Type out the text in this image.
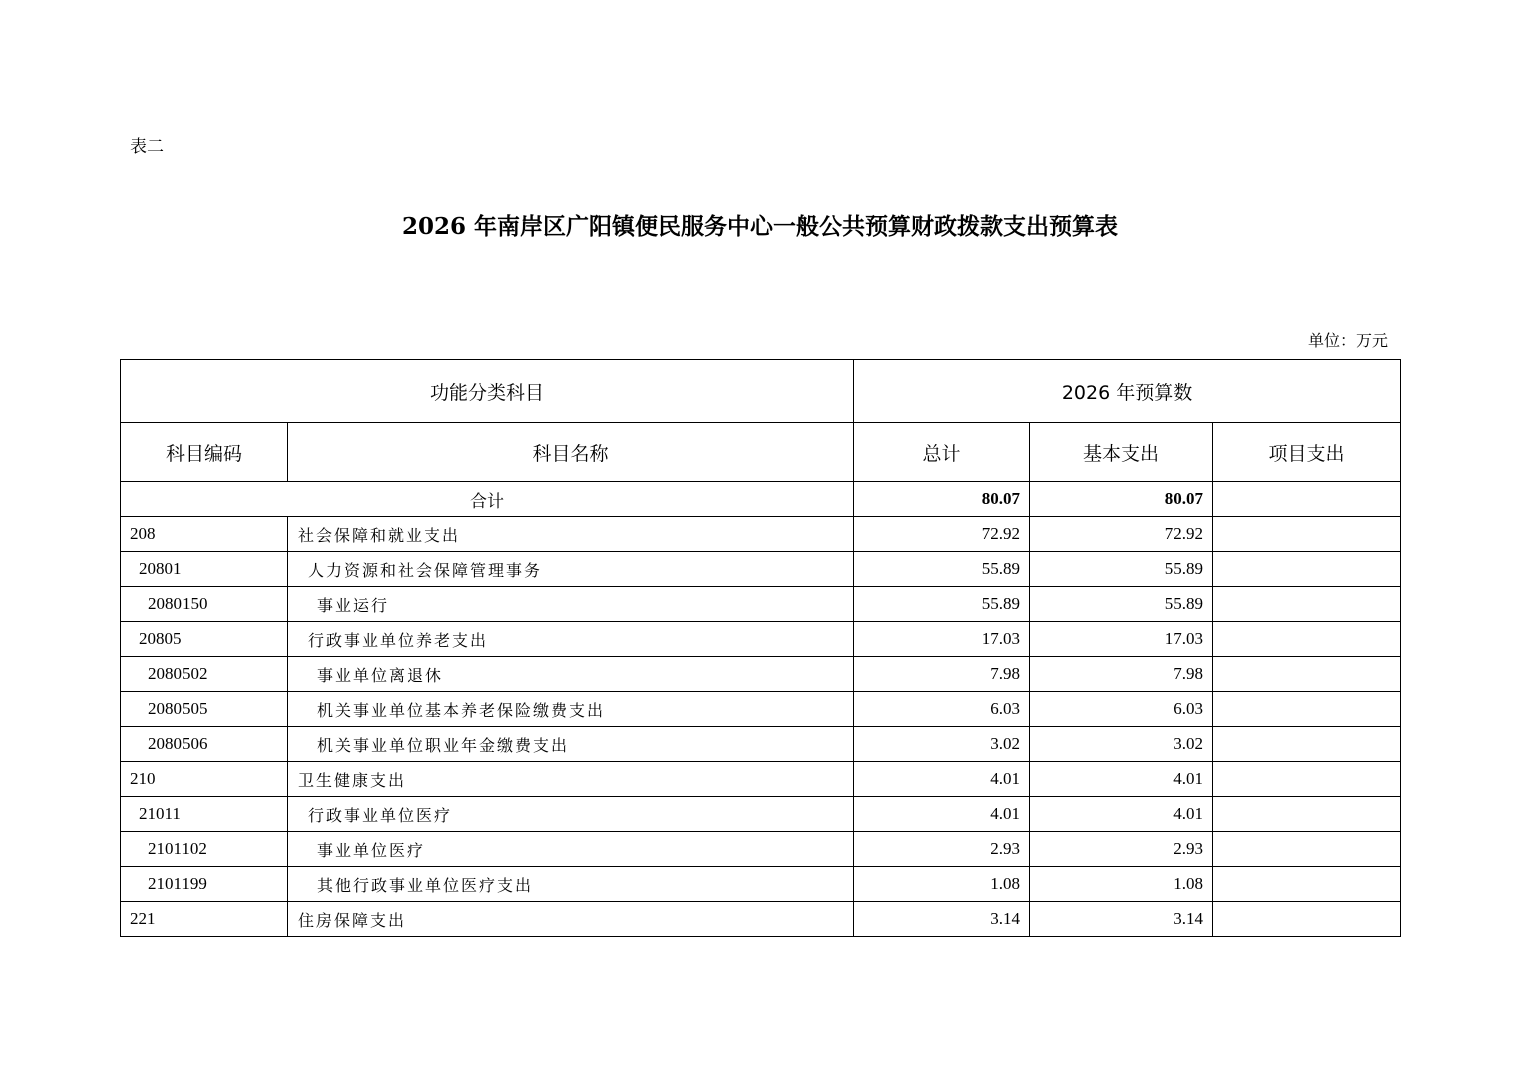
表二
2026 年南岸区广阳镇便民服务中心一般公共预算财政拨款支出预算表
单位：万元
功能分类科目		2026 年预算数		
科目编码	科目名称	总计	基本支出	项目支出
合计		80.07	80.07	
208	社会保障和就业支出	72.92	72.92	
20801	人力资源和社会保障管理事务	55.89	55.89	
2080150	事业运行	55.89	55.89	
20805	行政事业单位养老支出	17.03	17.03	
2080502	事业单位离退休	7.98	7.98	
2080505	机关事业单位基本养老保险缴费支出	6.03	6.03	
2080506	机关事业单位职业年金缴费支出	3.02	3.02	
210	卫生健康支出	4.01	4.01	
21011	行政事业单位医疗	4.01	4.01	
2101102	事业单位医疗	2.93	2.93	
2101199	其他行政事业单位医疗支出	1.08	1.08	
221	住房保障支出	3.14	3.14	
